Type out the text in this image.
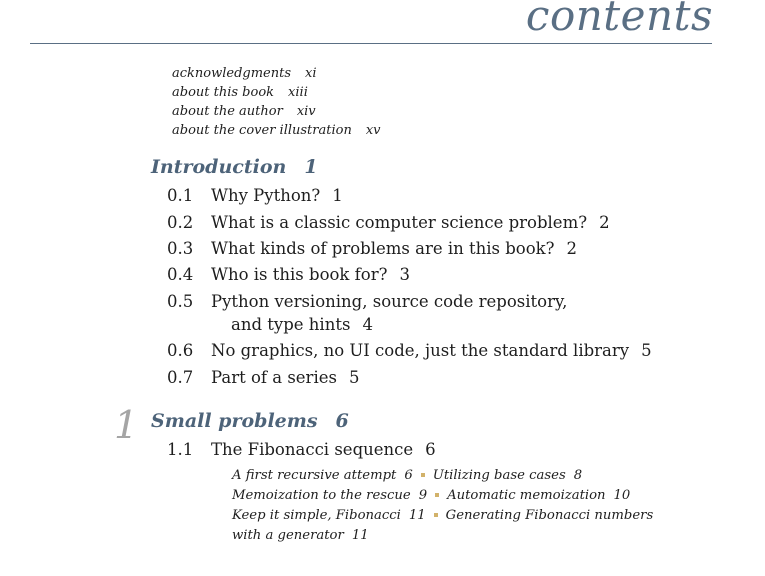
contents
acknowledgments xi
about this book xiii
about the author xiv
about the cover illustration xv
Introduction 1
0.1 Why Python? 1
0.2 What is a classic computer science problem? 2
0.3 What kinds of problems are in this book? 2
0.4 Who is this book for? 3
0.5 Python versioning, source code repository,
and type hints 4
0.6 No graphics, no UI code, just the standard library 5
0.7 Part of a series 5
1 Small problems 6
1.1 The Fibonacci sequence 6
A first recursive attempt 6 Utilizing base cases 8
Memoization to the rescue 9 Automatic memoization 10
Keep it simple, Fibonacci 11 Generating Fibonacci numbers
with a generator 11
